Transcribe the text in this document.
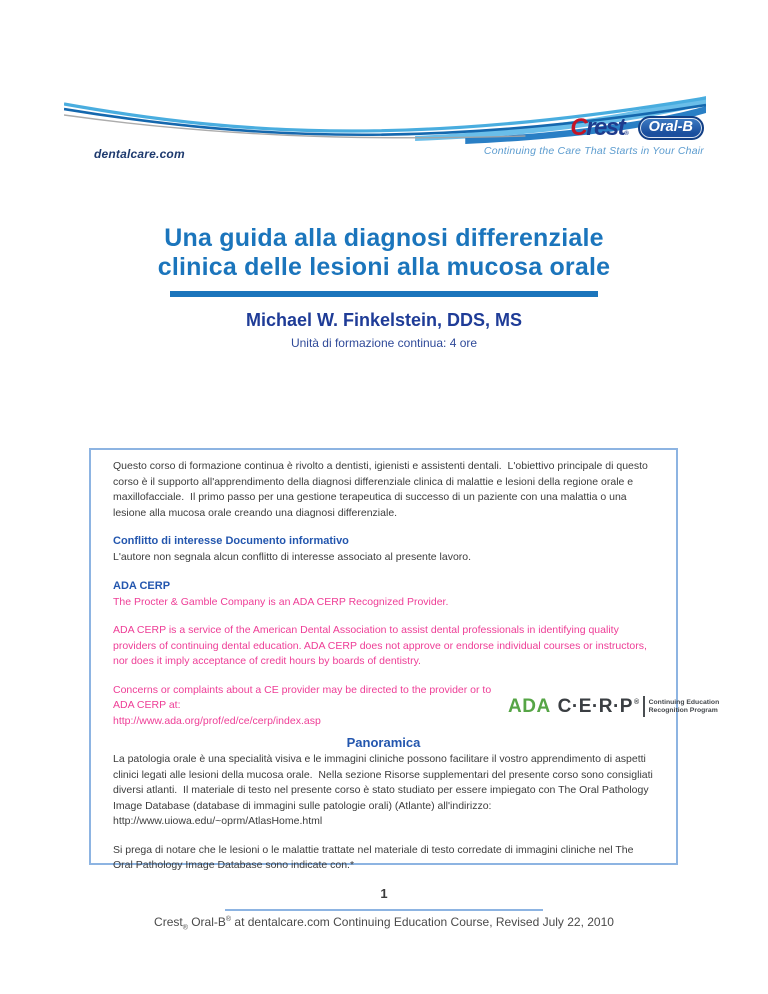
dentalcare.com
Crest®	Oral-B
Continuing the Care That Starts in Your Chair
Una guida alla diagnosi differenziale
clinica delle lesioni alla mucosa orale
Michael W. Finkelstein, DDS, MS
Unità di formazione continua: 4 ore

Questo corso di formazione continua è rivolto a dentisti, igienisti e assistenti dentali.  L'obiettivo principale di questo corso è il supporto all'apprendimento della diagnosi differenziale clinica di malattie e lesioni della regione orale e maxillofacciale.  Il primo passo per una gestione terapeutica di successo di un paziente con una malattia o una lesione alla mucosa orale creando una diagnosi differenziale.

Conflitto di interesse Documento informativo

L'autore non segnala alcun conflitto di interesse associato al presente lavoro.

ADA CERP

The Procter & Gamble Company is an ADA CERP Recognized Provider.

ADA CERP is a service of the American Dental Association to assist dental professionals in identifying quality providers of continuing dental education. ADA CERP does not approve or endorse individual courses or instructors, nor does it imply acceptance of credit hours by boards of dentistry.

Concerns or complaints about a CE provider may be directed to the provider or to ADA CERP at:
http://www.ada.org/prof/ed/ce/cerp/index.asp

ADA C·E·R·P ® Continuing Education
Recognition Program
Panoramica

La patologia orale è una specialità visiva e le immagini cliniche possono facilitare il vostro apprendimento di aspetti clinici legati alle lesioni della mucosa orale.  Nella sezione Risorse supplementari del presente corso sono consigliati diversi atlanti.  Il materiale di testo nel presente corso è stato studiato per essere impiegato con The Oral Pathology Image Database (database di immagini sulle patologie orali) (Atlante) all'indirizzo:
http://www.uiowa.edu/~oprm/AtlasHome.html

Si prega di notare che le lesioni o le malattie trattate nel materiale di testo corredate di immagini cliniche nel The Oral Pathology Image Database sono indicate con.*

1
Crest$_®$ Oral-B® at dentalcare.com Continuing Education Course, Revised July 22, 2010
